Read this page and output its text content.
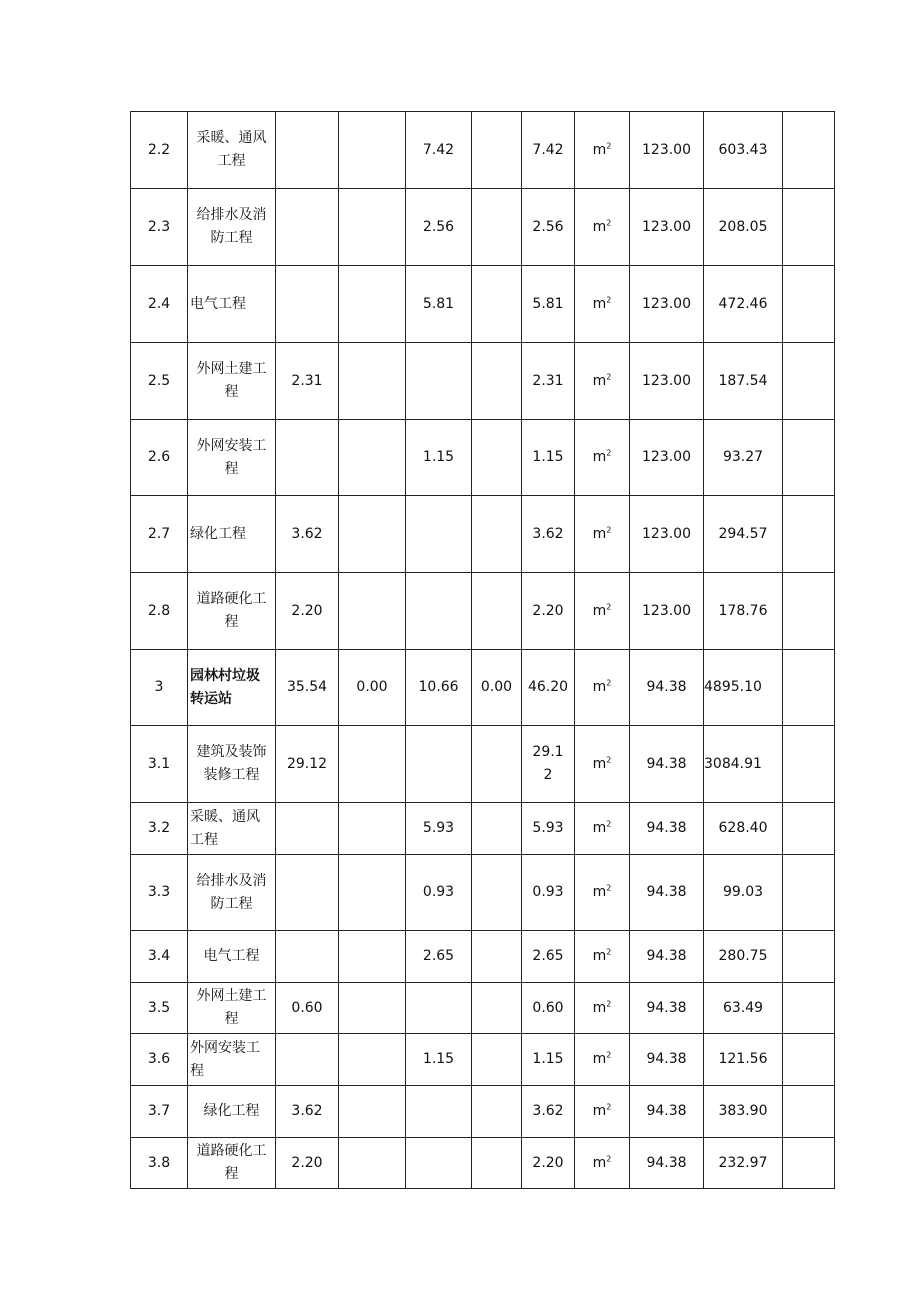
2.2	采暖、通风工程			7.42		7.42	$m^2$	123.00	603.43	
2.3	给排水及消防工程			2.56		2.56	$m^2$	123.00	208.05	
2.4	电气工程			5.81		5.81	$m^2$	123.00	472.46	
2.5	外网土建工程	2.31				2.31	$m^2$	123.00	187.54	
2.6	外网安装工程			1.15		1.15	$m^2$	123.00	93.27	
2.7	绿化工程	3.62				3.62	$m^2$	123.00	294.57	
2.8	道路硬化工程	2.20				2.20	$m^2$	123.00	178.76	
3	园林村垃圾转运站	35.54	0.00	10.66	0.00	46.20	$m^2$	94.38	4895.10	
3.1	建筑及装饰装修工程	29.12				29.12	$m^2$	94.38	3084.91	
3.2	采暖、通风工程			5.93		5.93	$m^2$	94.38	628.40	
3.3	给排水及消防工程			0.93		0.93	$m^2$	94.38	99.03	
3.4	电气工程			2.65		2.65	$m^2$	94.38	280.75	
3.5	外网土建工程	0.60				0.60	$m^2$	94.38	63.49	
3.6	外网安装工程			1.15		1.15	$m^2$	94.38	121.56	
3.7	绿化工程	3.62				3.62	$m^2$	94.38	383.90	
3.8	道路硬化工程	2.20				2.20	$m^2$	94.38	232.97	
